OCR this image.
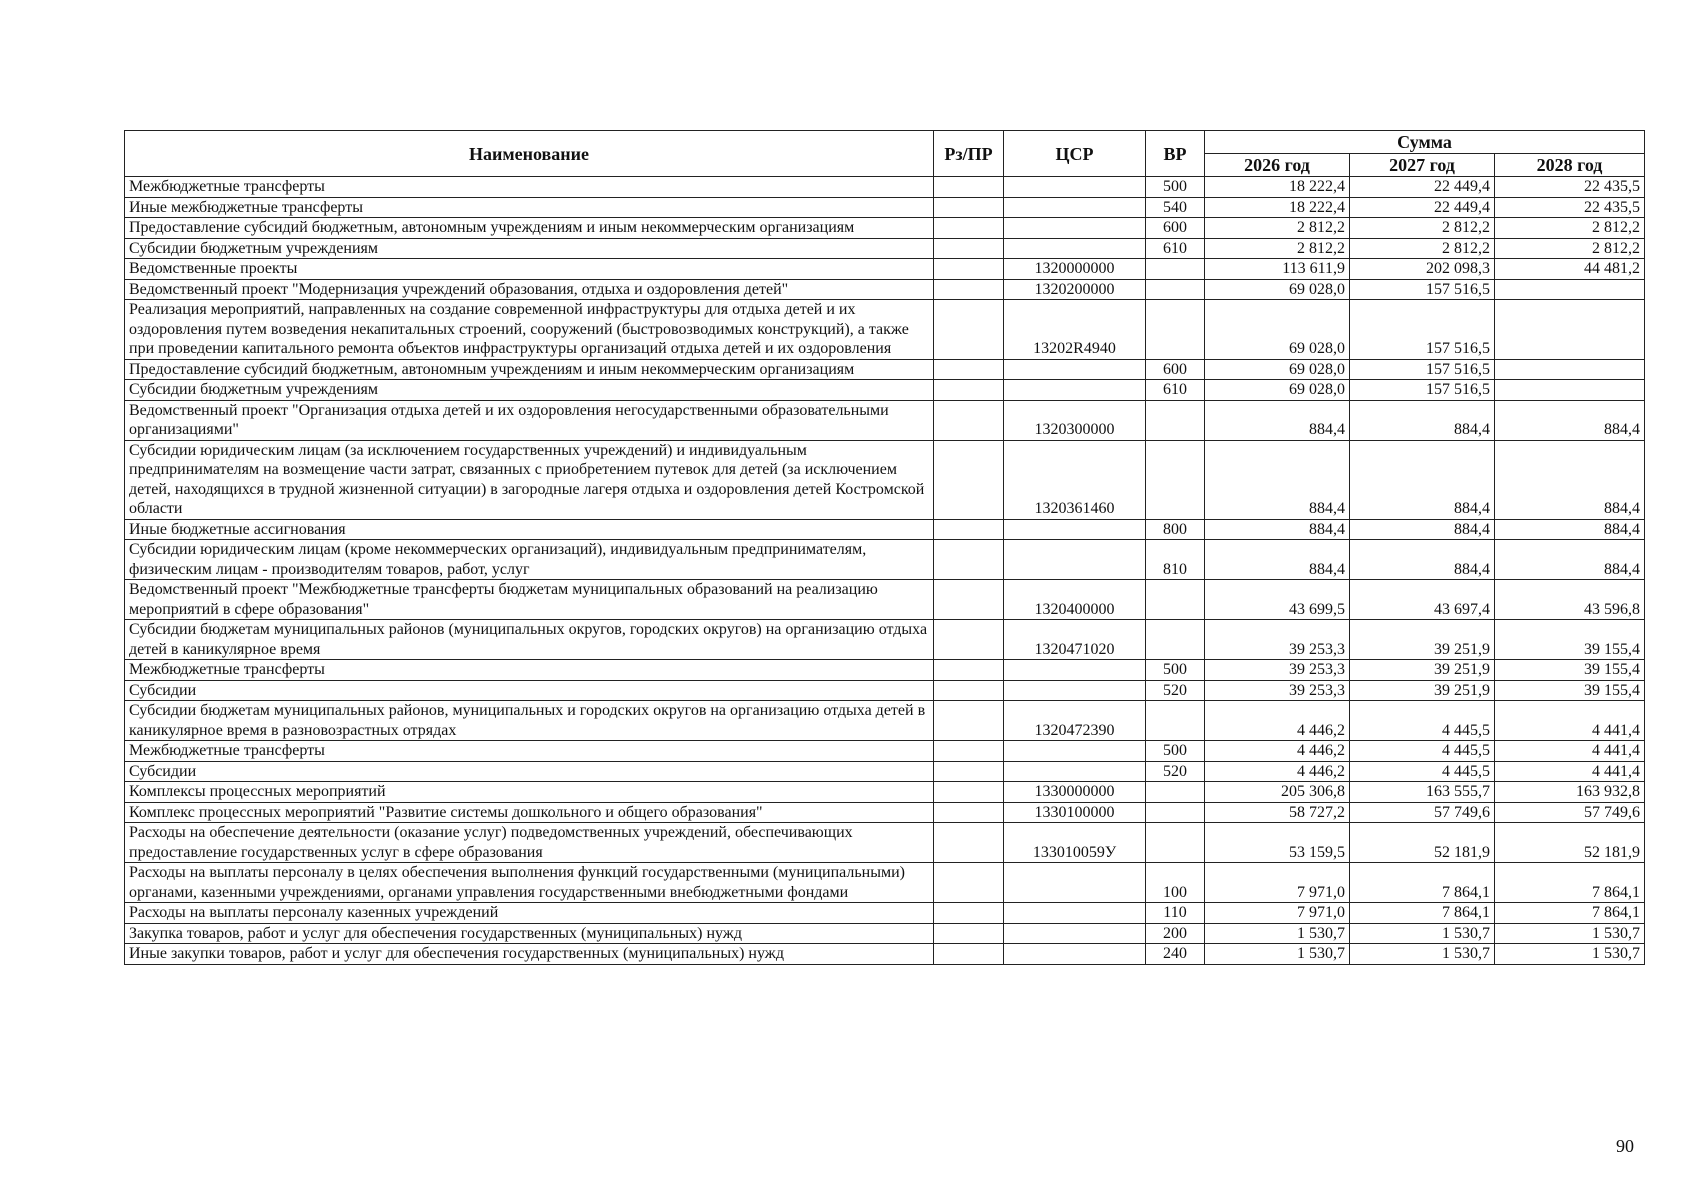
Наименование	Рз/ПР	ЦСР	ВР	Сумма		
				2026 год	2027 год	2028 год
Межбюджетные трансферты			500	18 222,4	22 449,4	22 435,5
Иные межбюджетные трансферты			540	18 222,4	22 449,4	22 435,5
Предоставление субсидий бюджетным, автономным учреждениям и иным некоммерческим организациям			600	2 812,2	2 812,2	2 812,2
Субсидии бюджетным учреждениям			610	2 812,2	2 812,2	2 812,2
Ведомственные проекты		1320000000		113 611,9	202 098,3	44 481,2
Ведомственный проект "Модернизация учреждений образования, отдыха и оздоровления детей"		1320200000		69 028,0	157 516,5	
Реализация мероприятий, направленных на создание современной инфраструктуры для отдыха детей и их оздоровления путем возведения некапитальных строений, сооружений (быстровозводимых конструкций), а также при проведении капитального ремонта объектов инфраструктуры организаций отдыха детей и их оздоровления		13202R4940		69 028,0	157 516,5	
Предоставление субсидий бюджетным, автономным учреждениям и иным некоммерческим организациям			600	69 028,0	157 516,5	
Субсидии бюджетным учреждениям			610	69 028,0	157 516,5	
Ведомственный проект "Организация отдыха детей и их оздоровления негосударственными образовательными организациями"		1320300000		884,4	884,4	884,4
Субсидии юридическим лицам (за исключением государственных учреждений) и индивидуальным предпринимателям на возмещение части затрат, связанных с приобретением путевок для детей (за исключением детей, находящихся в трудной жизненной ситуации) в загородные лагеря отдыха и оздоровления детей Костромской области		1320361460		884,4	884,4	884,4
Иные бюджетные ассигнования			800	884,4	884,4	884,4
Субсидии юридическим лицам (кроме некоммерческих организаций), индивидуальным предпринимателям, физическим лицам - производителям товаров, работ, услуг			810	884,4	884,4	884,4
Ведомственный проект "Межбюджетные трансферты бюджетам муниципальных образований на реализацию мероприятий в сфере образования"		1320400000		43 699,5	43 697,4	43 596,8
Субсидии бюджетам муниципальных районов (муниципальных округов, городских округов) на организацию отдыха детей в каникулярное время		1320471020		39 253,3	39 251,9	39 155,4
Межбюджетные трансферты			500	39 253,3	39 251,9	39 155,4
Субсидии			520	39 253,3	39 251,9	39 155,4
Субсидии бюджетам муниципальных районов, муниципальных и городских округов на организацию отдыха детей в каникулярное время в разновозрастных отрядах		1320472390		4 446,2	4 445,5	4 441,4
Межбюджетные трансферты			500	4 446,2	4 445,5	4 441,4
Субсидии			520	4 446,2	4 445,5	4 441,4
Комплексы процессных мероприятий		1330000000		205 306,8	163 555,7	163 932,8
Комплекс процессных мероприятий "Развитие системы дошкольного и общего образования"		1330100000		58 727,2	57 749,6	57 749,6
Расходы на обеспечение деятельности (оказание услуг) подведомственных учреждений, обеспечивающих предоставление государственных услуг в сфере образования		133010059У		53 159,5	52 181,9	52 181,9
Расходы на выплаты персоналу в целях обеспечения выполнения функций государственными (муниципальными) органами, казенными учреждениями, органами управления государственными внебюджетными фондами			100	7 971,0	7 864,1	7 864,1
Расходы на выплаты персоналу казенных учреждений			110	7 971,0	7 864,1	7 864,1
Закупка товаров, работ и услуг для обеспечения государственных (муниципальных) нужд			200	1 530,7	1 530,7	1 530,7
Иные закупки товаров, работ и услуг для обеспечения государственных (муниципальных) нужд			240	1 530,7	1 530,7	1 530,7
90
